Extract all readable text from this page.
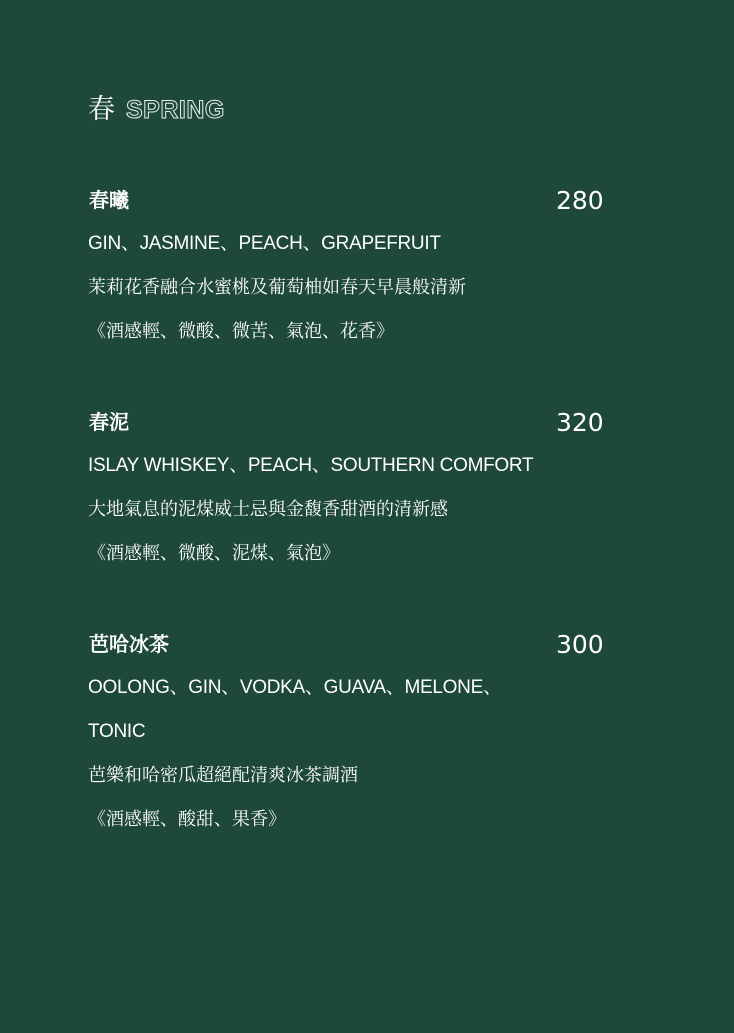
春 SPRING
春曦	280
GIN、JASMINE、PEACH、GRAPEFRUIT
茉莉花香融合水蜜桃及葡萄柚如春天早晨般清新
《酒感輕、微酸、微苦、氣泡、花香》
春泥	320
ISLAY WHISKEY、PEACH、SOUTHERN COMFORT
大地氣息的泥煤威士忌與金馥香甜酒的清新感
《酒感輕、微酸、泥煤、氣泡》
芭哈冰茶	300
OOLONG、GIN、VODKA、GUAVA、MELONE、TONIC
芭樂和哈密瓜超絕配清爽冰茶調酒
《酒感輕、酸甜、果香》
